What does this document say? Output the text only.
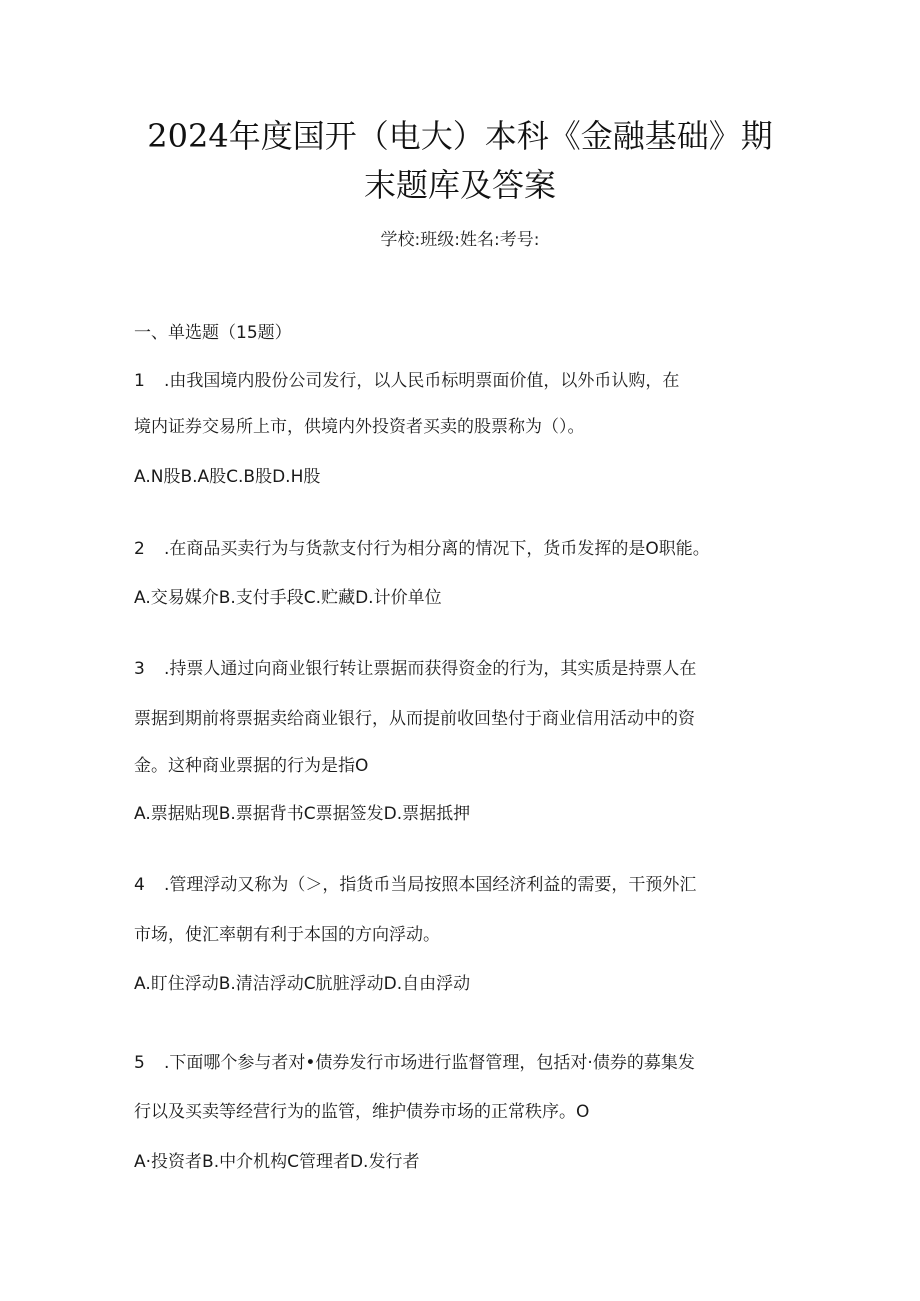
2024年度国开（电大）本科《金融基础》期
末题库及答案
学校:班级:姓名:考号:
一、单选题（15题）
1 .由我国境内股份公司发行，以人民币标明票面价值，以外币认购，在
境内证券交易所上市，供境内外投资者买卖的股票称为（）。
A.N股B.A股C.B股D.H股
2 .在商品买卖行为与货款支付行为相分离的情况下，货币发挥的是O职能。
A.交易媒介B.支付手段C.贮藏D.计价单位
3 .持票人通过向商业银行转让票据而获得资金的行为，其实质是持票人在
票据到期前将票据卖给商业银行，从而提前收回垫付于商业信用活动中的资
金。这种商业票据的行为是指O
A.票据贴现B.票据背书C票据签发D.票据抵押
4 .管理浮动又称为（＞，指货币当局按照本国经济利益的需要，干预外汇
市场，使汇率朝有利于本国的方向浮动。
A.盯住浮动B.清洁浮动C肮脏浮动D.自由浮动
5 .下面哪个参与者对•债券发行市场进行监督管理，包括对·债券的募集发
行以及买卖等经营行为的监管，维护债券市场的正常秩序。O
A·投资者B.中介机构C管理者D.发行者
